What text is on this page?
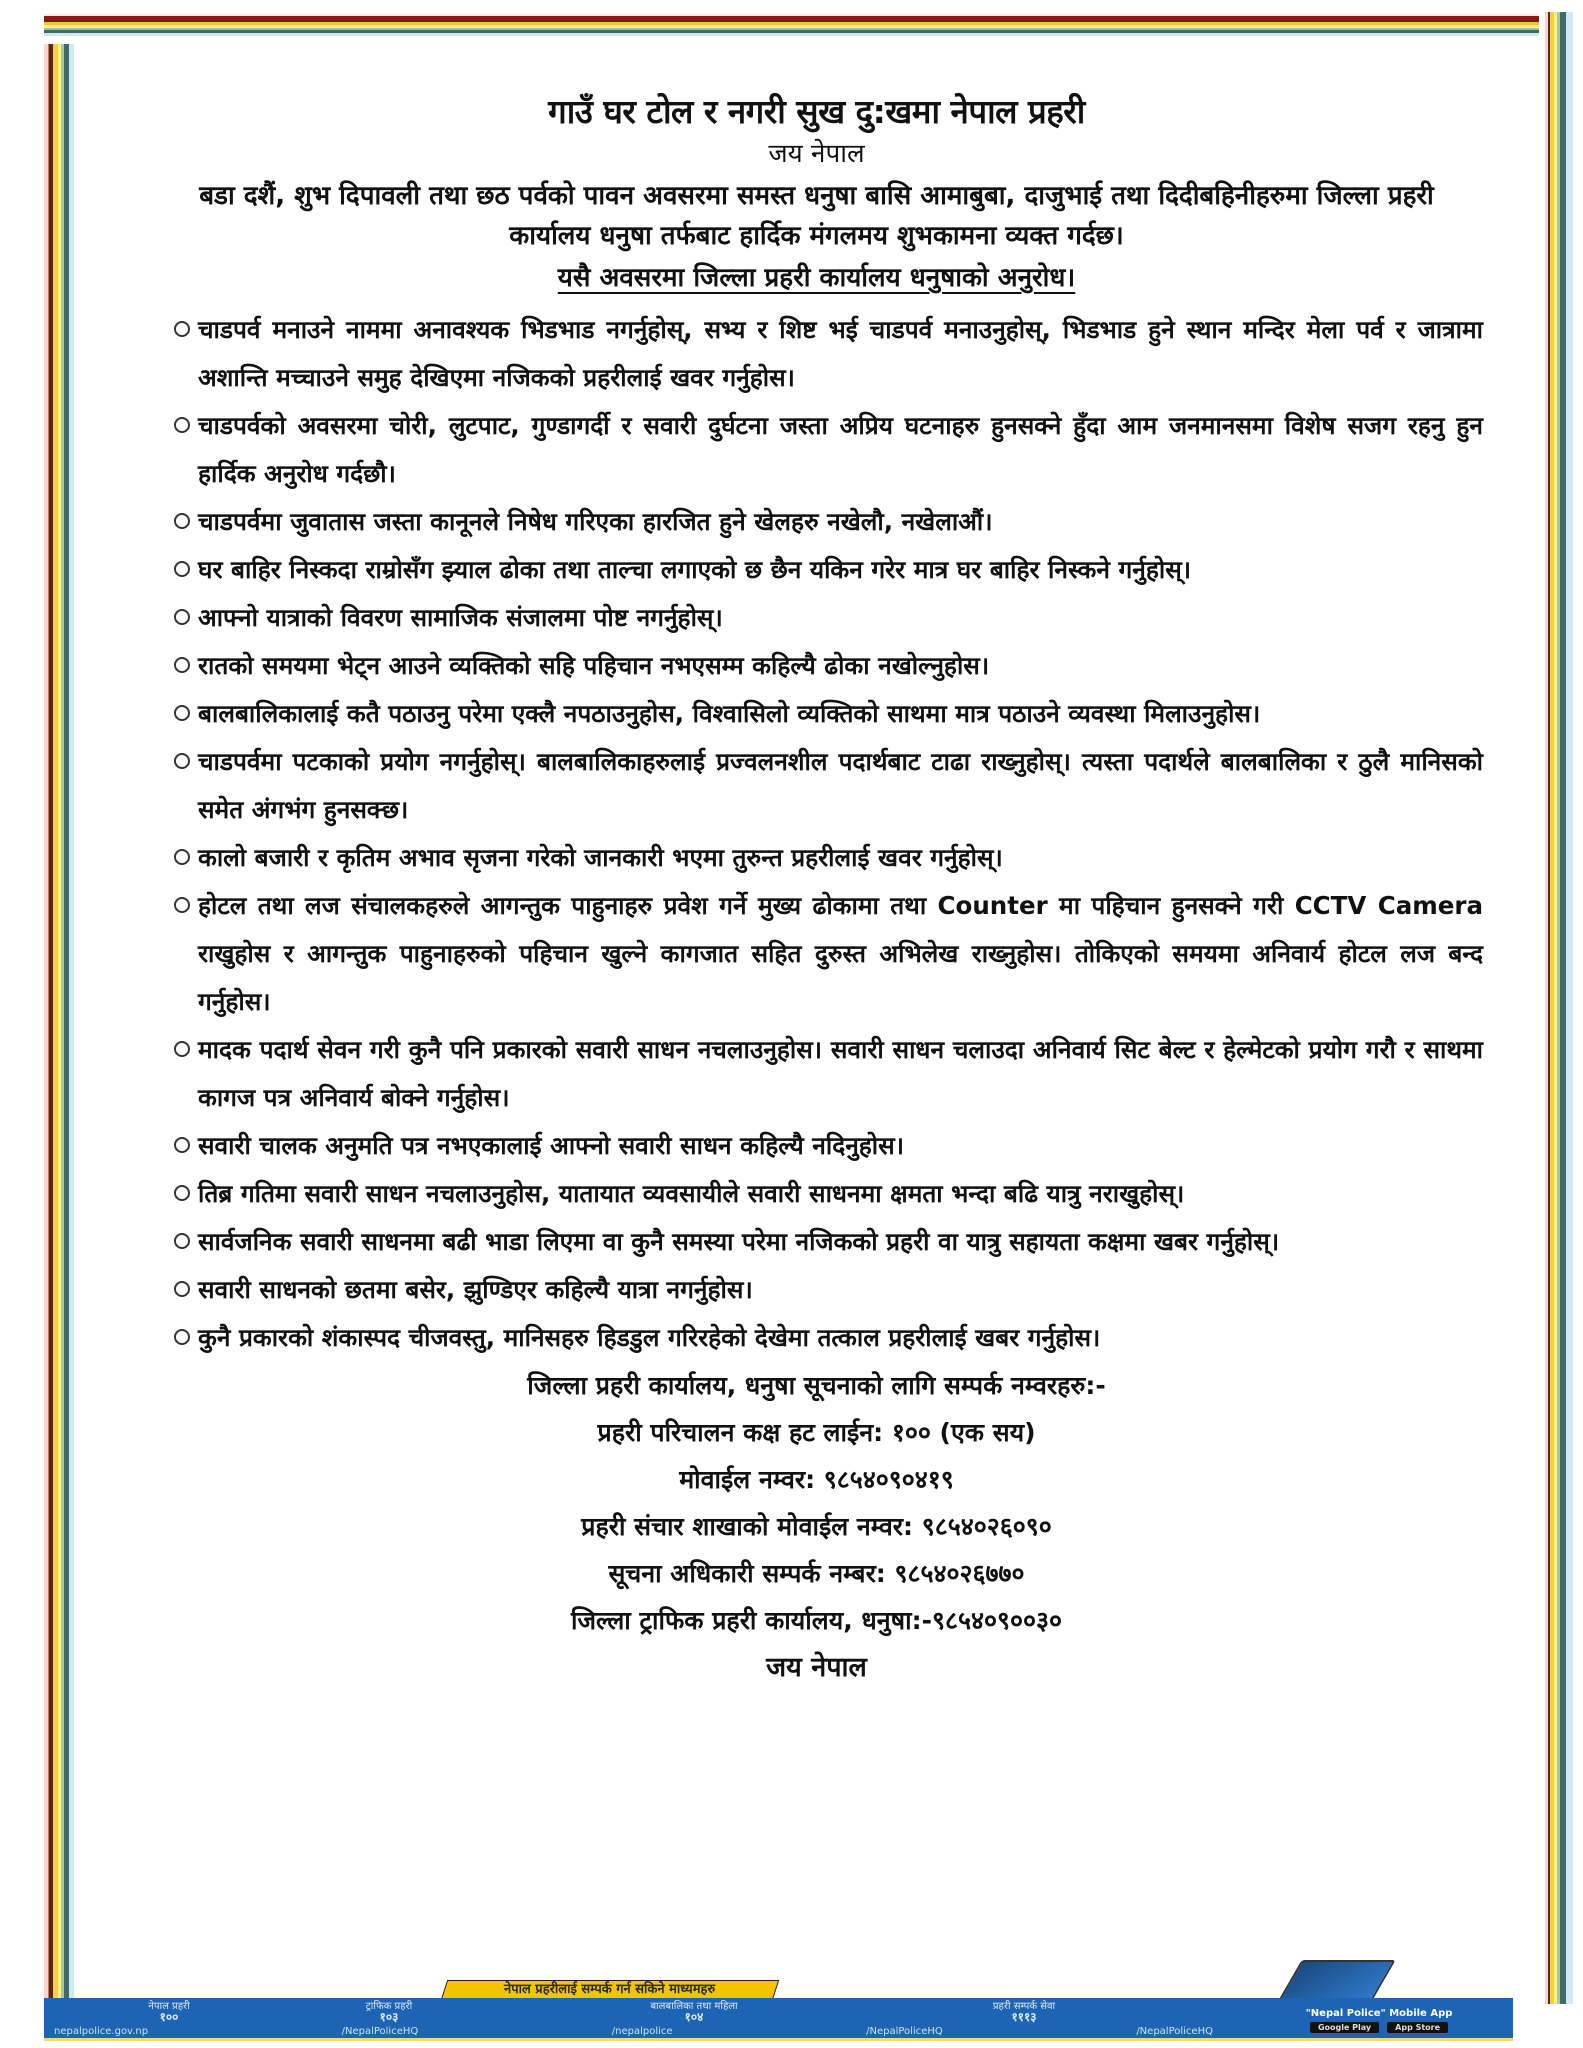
गाउँ घर टोल र नगरी सुख दु:खमा नेपाल प्रहरी

जय नेपाल

बडा दशैं, शुभ दिपावली तथा छठ पर्वको पावन अवसरमा समस्त धनुषा बासि आमाबुबा, दाजुभाई तथा दिदीबहिनीहरुमा जिल्ला प्रहरी कार्यालय धनुषा तर्फबाट हार्दिक मंगलमय शुभकामना व्यक्त गर्दछ।

यसै अवसरमा जिल्ला प्रहरी कार्यालय धनुषाको अनुरोध।

चाडपर्व मनाउने नाममा अनावश्यक भिडभाड नगर्नुहोस्, सभ्य र शिष्ट भई चाडपर्व मनाउनुहोस्, भिडभाड हुने स्थान मन्दिर मेला पर्व र जात्रामा अशान्ति मच्चाउने समुह देखिएमा नजिकको प्रहरीलाई खवर गर्नुहोस।
चाडपर्वको अवसरमा चोरी, लुटपाट, गुण्डागर्दी र सवारी दुर्घटना जस्ता अप्रिय घटनाहरु हुनसक्ने हुँदा आम जनमानसमा विशेष सजग रहनु हुन हार्दिक अनुरोध गर्दछौ।
चाडपर्वमा जुवातास जस्ता कानूनले निषेध गरिएका हारजित हुने खेलहरु नखेलौ, नखेलाऔं।
घर बाहिर निस्कदा राम्रोसँग झ्याल ढोका तथा ताल्चा लगाएको छ छैन यकिन गरेर मात्र घर बाहिर निस्कने गर्नुहोस्।
आफ्नो यात्राको विवरण सामाजिक संजालमा पोष्ट नगर्नुहोस्।
रातको समयमा भेट्न आउने व्यक्तिको सहि पहिचान नभएसम्म कहिल्यै ढोका नखोल्नुहोस।
बालबालिकालाई कतै पठाउनु परेमा एक्लै नपठाउनुहोस, विश्वासिलो व्यक्तिको साथमा मात्र पठाउने व्यवस्था मिलाउनुहोस।
चाडपर्वमा पटकाको प्रयोग नगर्नुहोस्। बालबालिकाहरुलाई प्रज्वलनशील पदार्थबाट टाढा राख्नुहोस्। त्यस्ता पदार्थले बालबालिका र ठुलै मानिसको समेत अंगभंग हुनसक्छ।
कालो बजारी र कृतिम अभाव सृजना गरेको जानकारी भएमा तुरुन्त प्रहरीलाई खवर गर्नुहोस्।
होटल तथा लज संचालकहरुले आगन्तुक पाहुनाहरु प्रवेश गर्ने मुख्य ढोकामा तथा Counter मा पहिचान हुनसक्ने गरी CCTV Camera राखुहोस र आगन्तुक पाहुनाहरुको पहिचान खुल्ने कागजात सहित दुरुस्त अभिलेख राख्नुहोस। तोकिएको समयमा अनिवार्य होटल लज बन्द गर्नुहोस।
मादक पदार्थ सेवन गरी कुनै पनि प्रकारको सवारी साधन नचलाउनुहोस। सवारी साधन चलाउदा अनिवार्य सिट बेल्ट र हेल्मेटको प्रयोग गरौ र साथमा कागज पत्र अनिवार्य बोक्ने गर्नुहोस।
सवारी चालक अनुमति पत्र नभएकालाई आफ्नो सवारी साधन कहिल्यै नदिनुहोस।
तिब्र गतिमा सवारी साधन नचलाउनुहोस, यातायात व्यवसायीले सवारी साधनमा क्षमता भन्दा बढि यात्रु नराखुहोस्।
सार्वजनिक सवारी साधनमा बढी भाडा लिएमा वा कुनै समस्या परेमा नजिकको प्रहरी वा यात्रु सहायता कक्षमा खबर गर्नुहोस्।
सवारी साधनको छतमा बसेर, झुण्डिएर कहिल्यै यात्रा नगर्नुहोस।
कुनै प्रकारको शंकास्पद चीजवस्तु, मानिसहरु हिडडुल गरिरहेको देखेमा तत्काल प्रहरीलाई खबर गर्नुहोस।

जिल्ला प्रहरी कार्यालय, धनुषा सूचनाको लागि सम्पर्क नम्वरहरु:-

प्रहरी परिचालन कक्ष हट लाईन: १०० (एक सय)

मोवाईल नम्वर: ९८५४०९०४१९

प्रहरी संचार शाखाको मोवाईल नम्वर: ९८५४०२६०९०

सूचना अधिकारी सम्पर्क नम्बर: ९८५४०२६७७०

जिल्ला ट्राफिक प्रहरी कार्यालय, धनुषा:-९८५४०९००३०

जय नेपाल

नेपाल प्रहरीलाई सम्पर्क गर्न सकिने माध्यमहरु
नेपाल प्रहरी
१००
ट्राफिक प्रहरी
१०३
बालबालिका तथा महिला
१०४
प्रहरी सम्पर्क सेवा
१११३
nepalpolice.gov.np	/NepalPoliceHQ	/nepalpolice	/NepalPoliceHQ	/NepalPoliceHQ
"Nepal Police" Mobile App
Google Play	App Store
